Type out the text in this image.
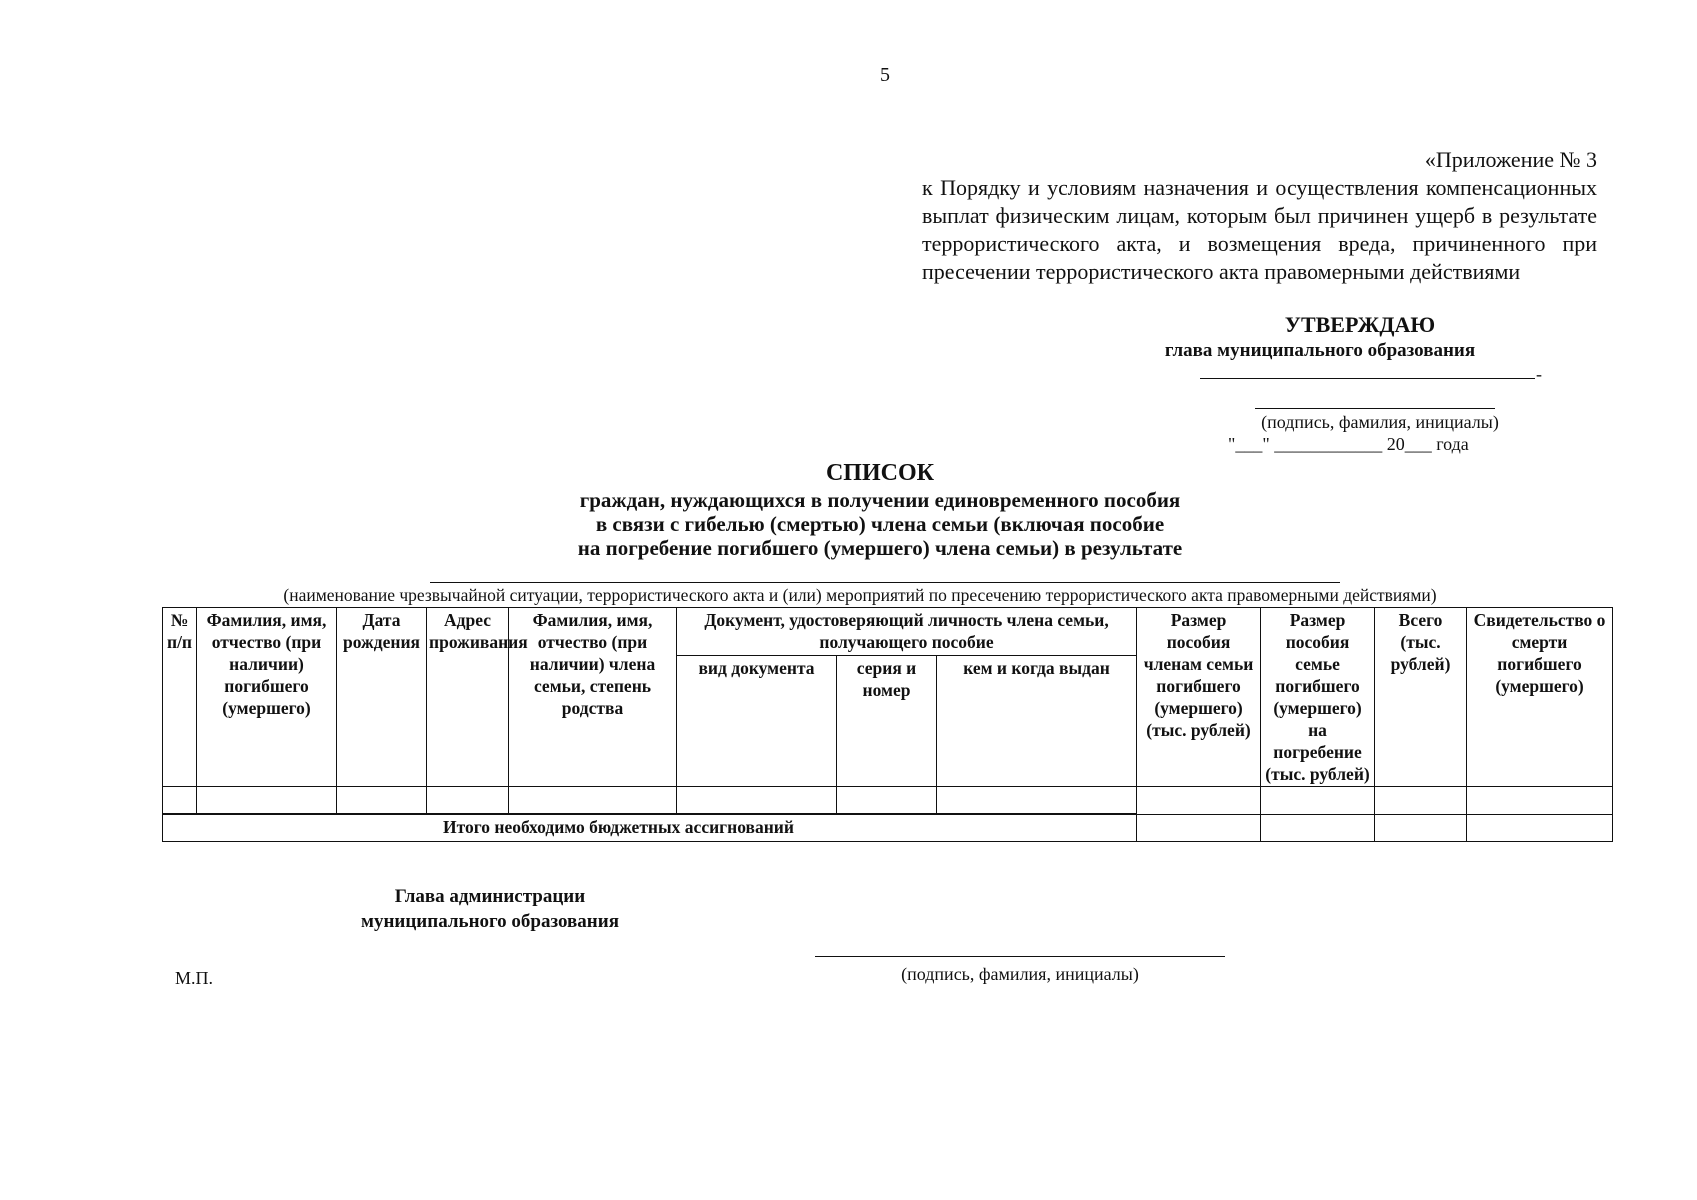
5
«Приложение № 3
к Порядку и условиям назначения и осуществления компенсационных выплат физическим лицам, которым был причинен ущерб в результате террористического акта, и возмещения вреда, причиненного при пресечении террористического акта правомерными действиями
УТВЕРЖДАЮ
глава муниципального образования
-
(подпись, фамилия, инициалы)
"___" ____________ 20___ года
СПИСОК
граждан, нуждающихся в получении единовременного пособия
в связи с гибелью (смертью) члена семьи (включая пособие
на погребение погибшего (умершего) члена семьи) в результате
(наименование чрезвычайной ситуации, террористического акта и (или) мероприятий по пресечению террористического акта правомерными действиями)
№ п/п	Фамилия, имя, отчество (при наличии) погибшего (умершего)	Дата рождения	Адрес проживания	Фамилия, имя, отчество (при наличии) члена семьи, степень родства	Документ, удостоверяющий личность члена семьи, получающего пособие			Размер пособия членам семьи погибшего (умершего) (тыс. рублей)	Размер пособия семье погибшего (умершего) на погребение (тыс. рублей)	Всего (тыс. рублей)	Свидетельство о смерти погибшего (умершего)
					вид документа	серия и номер	кем и когда выдан				

Итого необходимо бюджетных ассигнований											
Глава администрации муниципального образования
М.П.	(подпись, фамилия, инициалы)
